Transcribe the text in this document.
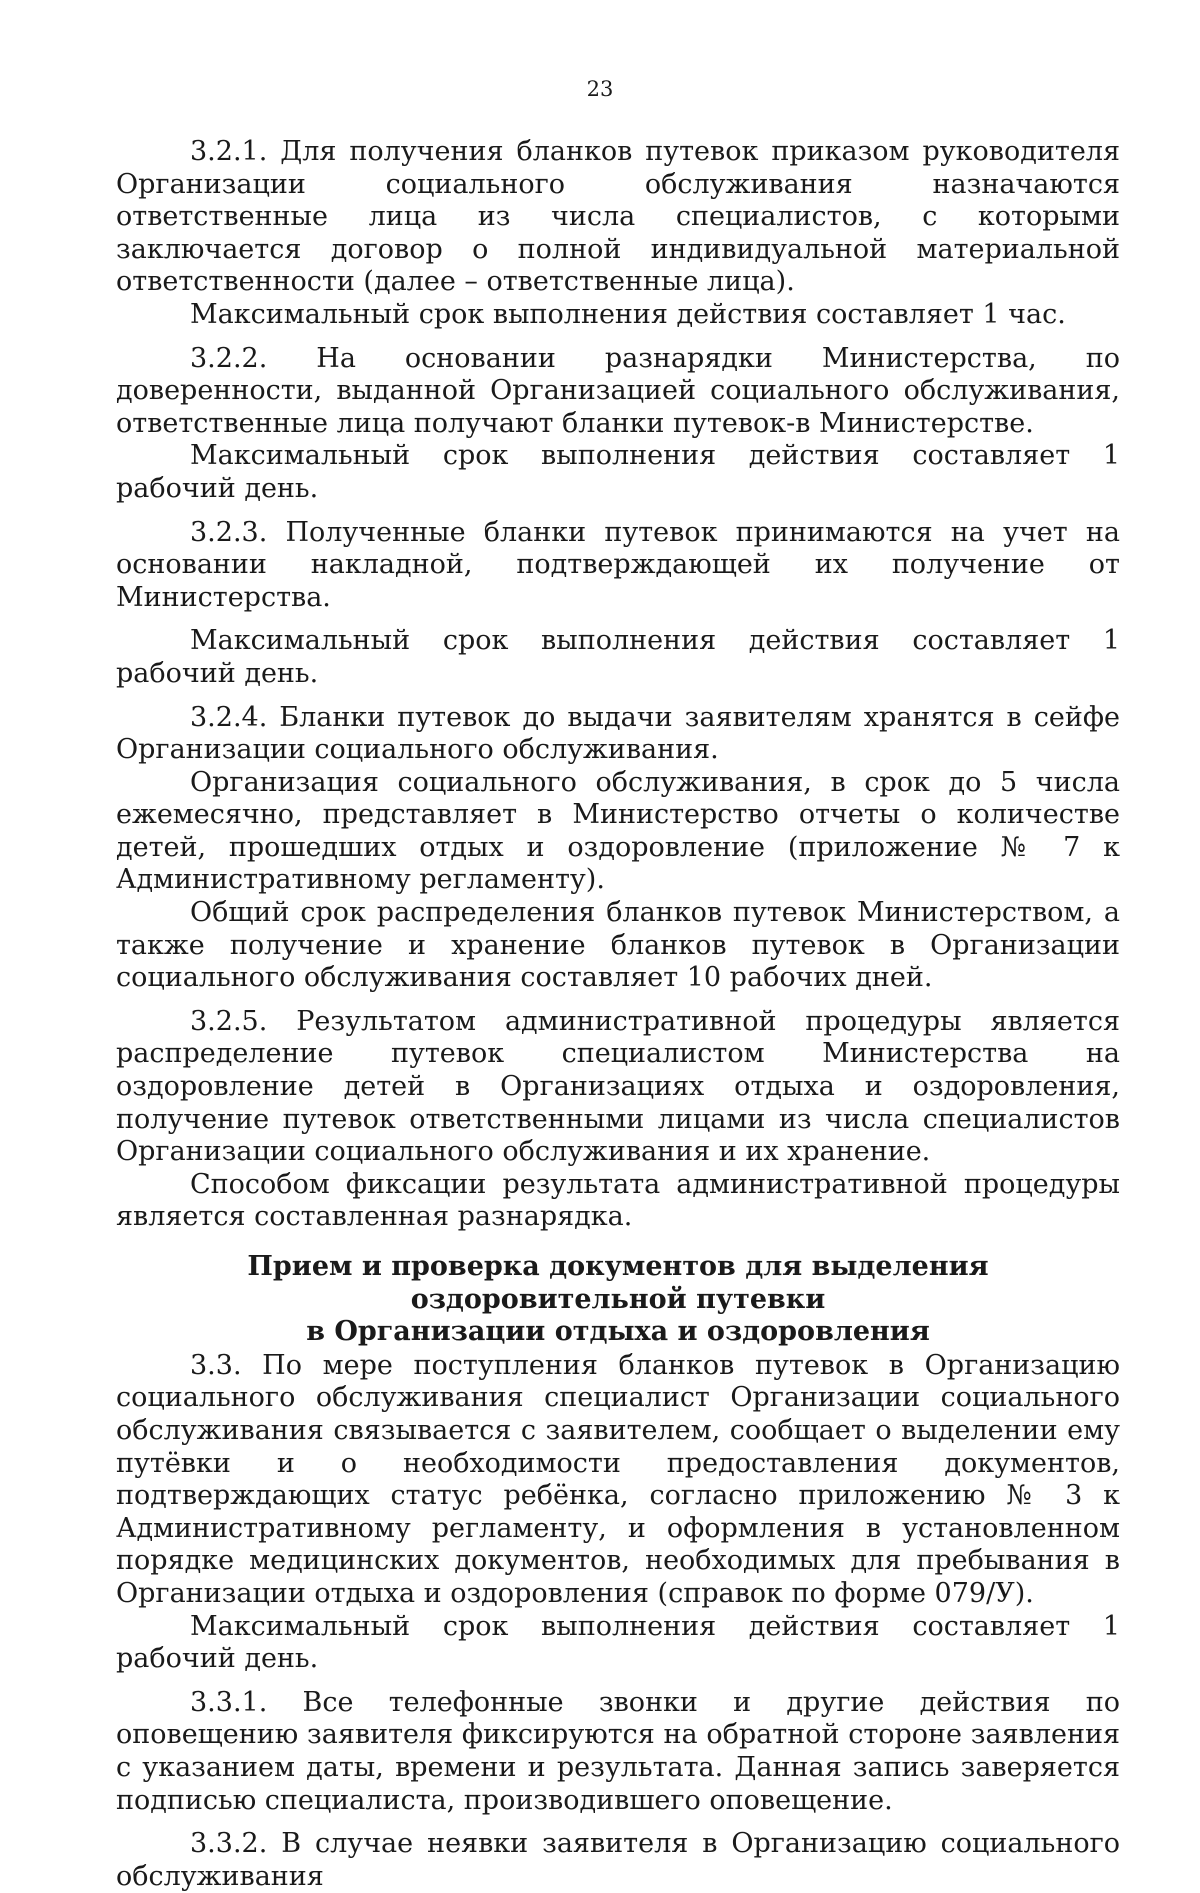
23

3.2.1. Для получения бланков путевок приказом руководителя Организации социального обслуживания назначаются ответственные лица из числа специалистов, с которыми заключается договор о полной индивидуальной материальной ответственности (далее – ответственные лица).

Максимальный срок выполнения действия составляет 1 час.

3.2.2. На основании разнарядки Министерства, по доверенности, выданной Организацией социального обслуживания, ответственные лица получают бланки путевок-в Министерстве.

Максимальный срок выполнения действия составляет 1 рабочий день.

3.2.3. Полученные бланки путевок принимаются на учет на основании накладной, подтверждающей их получение от Министерства.

Максимальный срок выполнения действия составляет 1 рабочий день.

3.2.4. Бланки путевок до выдачи заявителям хранятся в сейфе Организации социального обслуживания.

Организация социального обслуживания, в срок до 5 числа ежемесячно, представляет в Министерство отчеты о количестве детей, прошедших отдых и оздоровление (приложение № 7 к Административному регламенту).

Общий срок распределения бланков путевок Министерством, а также получение и хранение бланков путевок в Организации социального обслуживания составляет 10 рабочих дней.

3.2.5. Результатом административной процедуры является распределение путевок специалистом Министерства на оздоровление детей в Организациях отдыха и оздоровления, получение путевок ответственными лицами из числа специалистов Организации социального обслуживания и их хранение.

Способом фиксации результата административной процедуры является составленная разнарядка.

Прием и проверка документов для выделения оздоровительной путевки
в Организации отдыха и оздоровления

3.3. По мере поступления бланков путевок в Организацию социального обслуживания специалист Организации социального обслуживания связывается с заявителем, сообщает о выделении ему путёвки и о необходимости предоставления документов, подтверждающих статус ребёнка, согласно приложению № 3 к Административному регламенту, и оформления в установленном порядке медицинских документов, необходимых для пребывания в Организации отдыха и оздоровления (справок по форме 079/У).

Максимальный срок выполнения действия составляет 1 рабочий день.

3.3.1. Все телефонные звонки и другие действия по оповещению заявителя фиксируются на обратной стороне заявления с указанием даты, времени и результата. Данная запись заверяется подписью специалиста, производившего оповещение.

3.3.2. В случае неявки заявителя в Организацию социального обслуживания
